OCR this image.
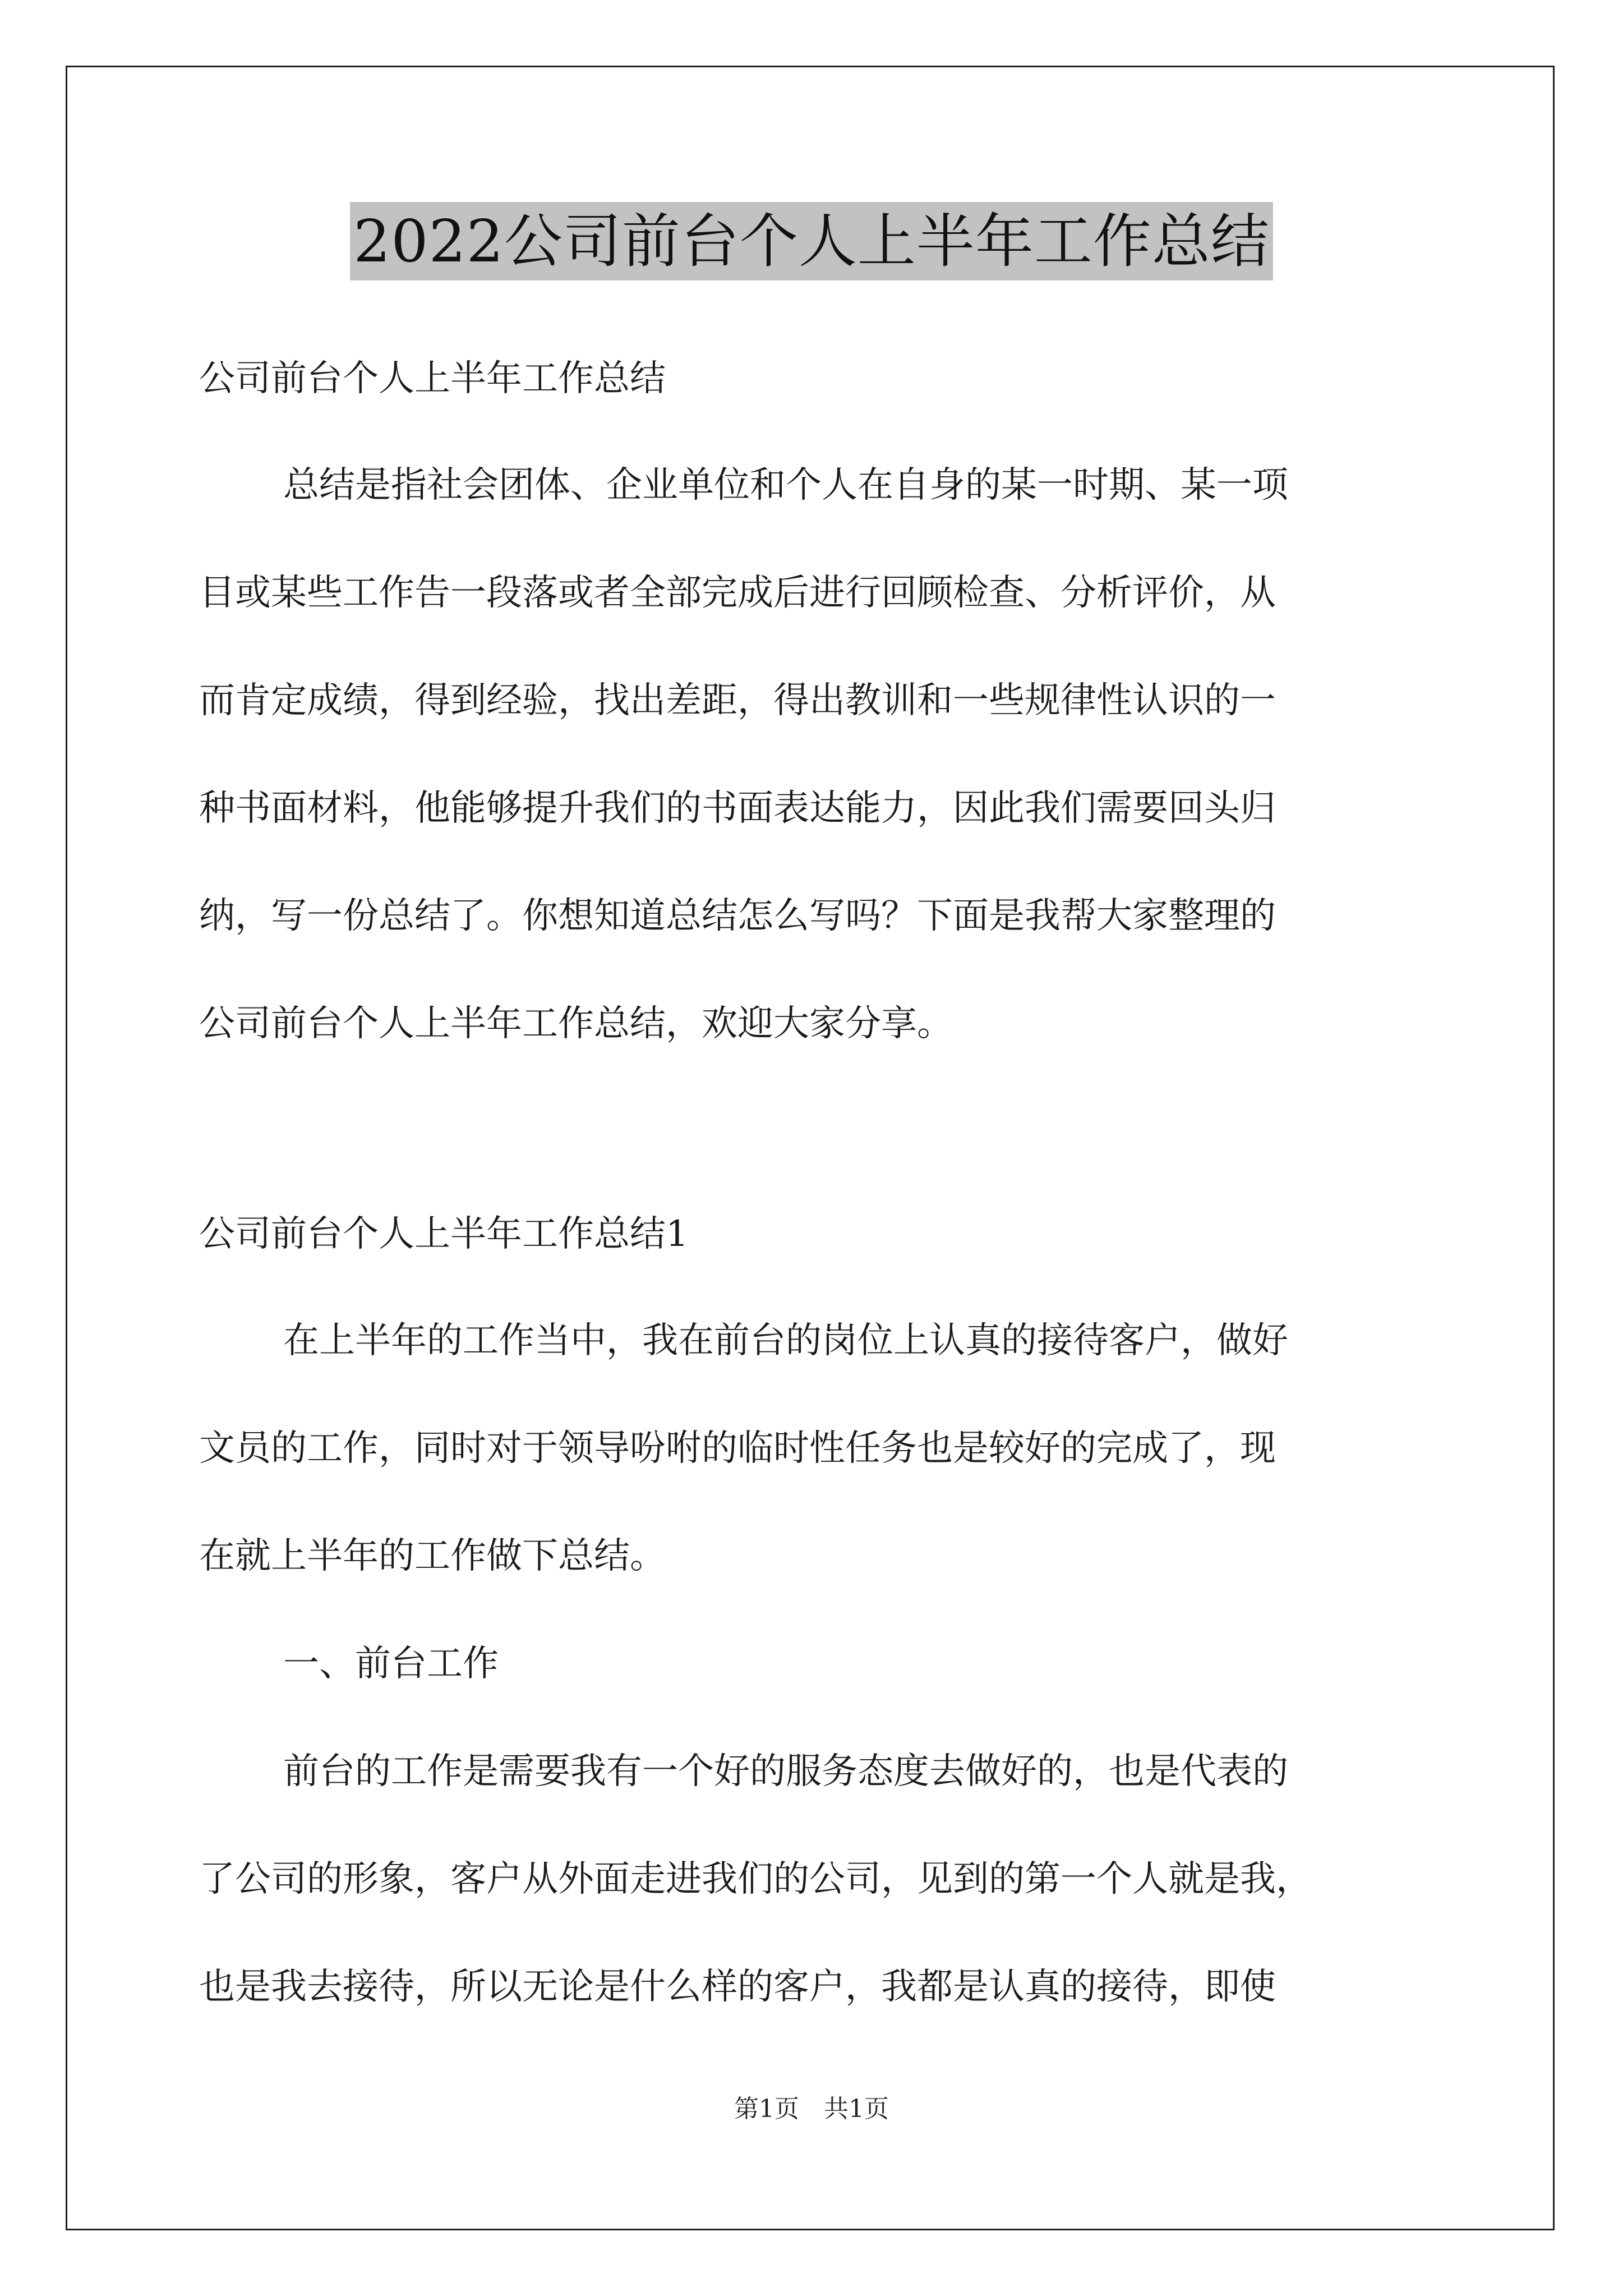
2022公司前台个人上半年工作总结
公司前台个人上半年工作总结
总结是指社会团体、企业单位和个人在自身的某一时期、某一项
目或某些工作告一段落或者全部完成后进行回顾检查、分析评价，从
而肯定成绩，得到经验，找出差距，得出教训和一些规律性认识的一
种书面材料，他能够提升我们的书面表达能力，因此我们需要回头归
纳，写一份总结了。你想知道总结怎么写吗？下面是我帮大家整理的
公司前台个人上半年工作总结，欢迎大家分享。
公司前台个人上半年工作总结1
在上半年的工作当中，我在前台的岗位上认真的接待客户，做好
文员的工作，同时对于领导吩咐的临时性任务也是较好的完成了，现
在就上半年的工作做下总结。
一、前台工作
前台的工作是需要我有一个好的服务态度去做好的，也是代表的
了公司的形象，客户从外面走进我们的公司，见到的第一个人就是我，
也是我去接待，所以无论是什么样的客户，我都是认真的接待，即使
第1页　共1页
